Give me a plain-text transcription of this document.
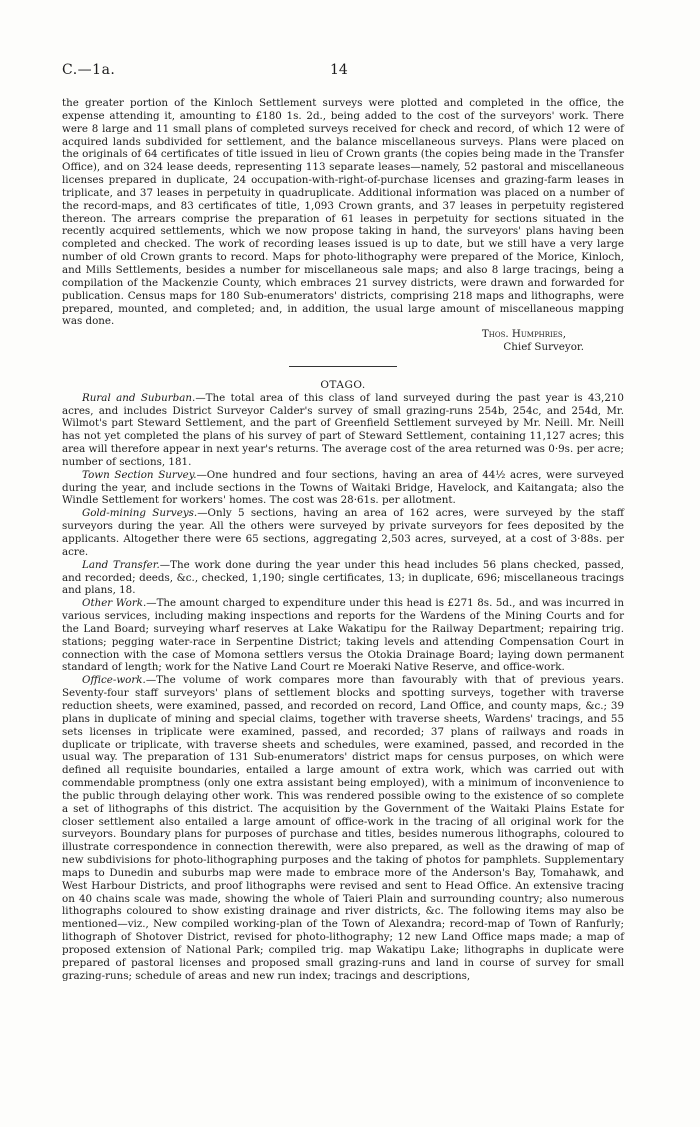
C.—1a.	14

the greater portion of the Kinloch Settlement surveys were plotted and completed in the office, the expense attending it, amounting to £180 1s. 2d., being added to the cost of the surveyors' work. There were 8 large and 11 small plans of completed surveys received for check and record, of which 12 were of acquired lands subdivided for settlement, and the balance miscellaneous surveys. Plans were placed on the originals of 64 certificates of title issued in lieu of Crown grants (the copies being made in the Transfer Office), and on 324 lease deeds, representing 113 separate leases—namely, 52 pastoral and miscellaneous licenses prepared in duplicate, 24 occupation-with-right-of-purchase licenses and grazing-farm leases in triplicate, and 37 leases in perpetuity in quadruplicate. Additional information was placed on a number of the record-maps, and 83 certificates of title, 1,093 Crown grants, and 37 leases in perpetuity registered thereon. The arrears comprise the preparation of 61 leases in perpetuity for sections situated in the recently acquired settlements, which we now propose taking in hand, the surveyors' plans having been completed and checked. The work of recording leases issued is up to date, but we still have a very large number of old Crown grants to record. Maps for photo-lithography were prepared of the Morice, Kinloch, and Mills Settlements, besides a number for miscellaneous sale maps; and also 8 large tracings, being a compilation of the Mackenzie County, which embraces 21 survey districts, were drawn and forwarded for publication. Census maps for 180 Sub-enumerators' districts, comprising 218 maps and lithographs, were prepared, mounted, and completed; and, in addition, the usual large amount of miscellaneous mapping was done.

Thos. Humphries,
Chief Surveyor.

OTAGO.

Rural and Suburban.—The total area of this class of land surveyed during the past year is 43,210 acres, and includes District Surveyor Calder's survey of small grazing-runs 254b, 254c, and 254d, Mr. Wilmot's part Steward Settlement, and the part of Greenfield Settlement surveyed by Mr. Neill. Mr. Neill has not yet completed the plans of his survey of part of Steward Settlement, containing 11,127 acres; this area will therefore appear in next year's returns. The average cost of the area returned was 0·9s. per acre; number of sections, 181.

Town Section Survey.—One hundred and four sections, having an area of 44½ acres, were surveyed during the year, and include sections in the Towns of Waitaki Bridge, Havelock, and Kaitangata; also the Windle Settlement for workers' homes. The cost was 28·61s. per allotment.

Gold-mining Surveys.—Only 5 sections, having an area of 162 acres, were surveyed by the staff surveyors during the year. All the others were surveyed by private surveyors for fees deposited by the applicants. Altogether there were 65 sections, aggregating 2,503 acres, surveyed, at a cost of 3·88s. per acre.

Land Transfer.—The work done during the year under this head includes 56 plans checked, passed, and recorded; deeds, &c., checked, 1,190; single certificates, 13; in duplicate, 696; miscellaneous tracings and plans, 18.

Other Work.—The amount charged to expenditure under this head is £271 8s. 5d., and was incurred in various services, including making inspections and reports for the Wardens of the Mining Courts and for the Land Board; surveying wharf reserves at Lake Wakatipu for the Railway Department; repairing trig. stations; pegging water-race in Serpentine District; taking levels and attending Compensation Court in connection with the case of Momona settlers versus the Otokia Drainage Board; laying down permanent standard of length; work for the Native Land Court re Moeraki Native Reserve, and office-work.

Office-work.—The volume of work compares more than favourably with that of previous years. Seventy-four staff surveyors' plans of settlement blocks and spotting surveys, together with traverse reduction sheets, were examined, passed, and recorded on record, Land Office, and county maps, &c.; 39 plans in duplicate of mining and special claims, together with traverse sheets, Wardens' tracings, and 55 sets licenses in triplicate were examined, passed, and recorded; 37 plans of railways and roads in duplicate or triplicate, with traverse sheets and schedules, were examined, passed, and recorded in the usual way. The preparation of 131 Sub-enumerators' district maps for census purposes, on which were defined all requisite boundaries, entailed a large amount of extra work, which was carried out with commendable promptness (only one extra assistant being employed), with a minimum of inconvenience to the public through delaying other work. This was rendered possible owing to the existence of so complete a set of lithographs of this district. The acquisition by the Government of the Waitaki Plains Estate for closer settlement also entailed a large amount of office-work in the tracing of all original work for the surveyors. Boundary plans for purposes of purchase and titles, besides numerous lithographs, coloured to illustrate correspondence in connection therewith, were also prepared, as well as the drawing of map of new subdivisions for photo-lithographing purposes and the taking of photos for pamphlets. Supplementary maps to Dunedin and suburbs map were made to embrace more of the Anderson's Bay, Tomahawk, and West Harbour Districts, and proof lithographs were revised and sent to Head Office. An extensive tracing on 40 chains scale was made, showing the whole of Taieri Plain and surrounding country; also numerous lithographs coloured to show existing drainage and river districts, &c. The following items may also be mentioned—viz., New compiled working-plan of the Town of Alexandra; record-map of Town of Ranfurly; lithograph of Shotover District, revised for photo-lithography; 12 new Land Office maps made; a map of proposed extension of National Park; compiled trig. map Wakatipu Lake; lithographs in duplicate were prepared of pastoral licenses and proposed small grazing-runs and land in course of survey for small grazing-runs; schedule of areas and new run index; tracings and descriptions,
